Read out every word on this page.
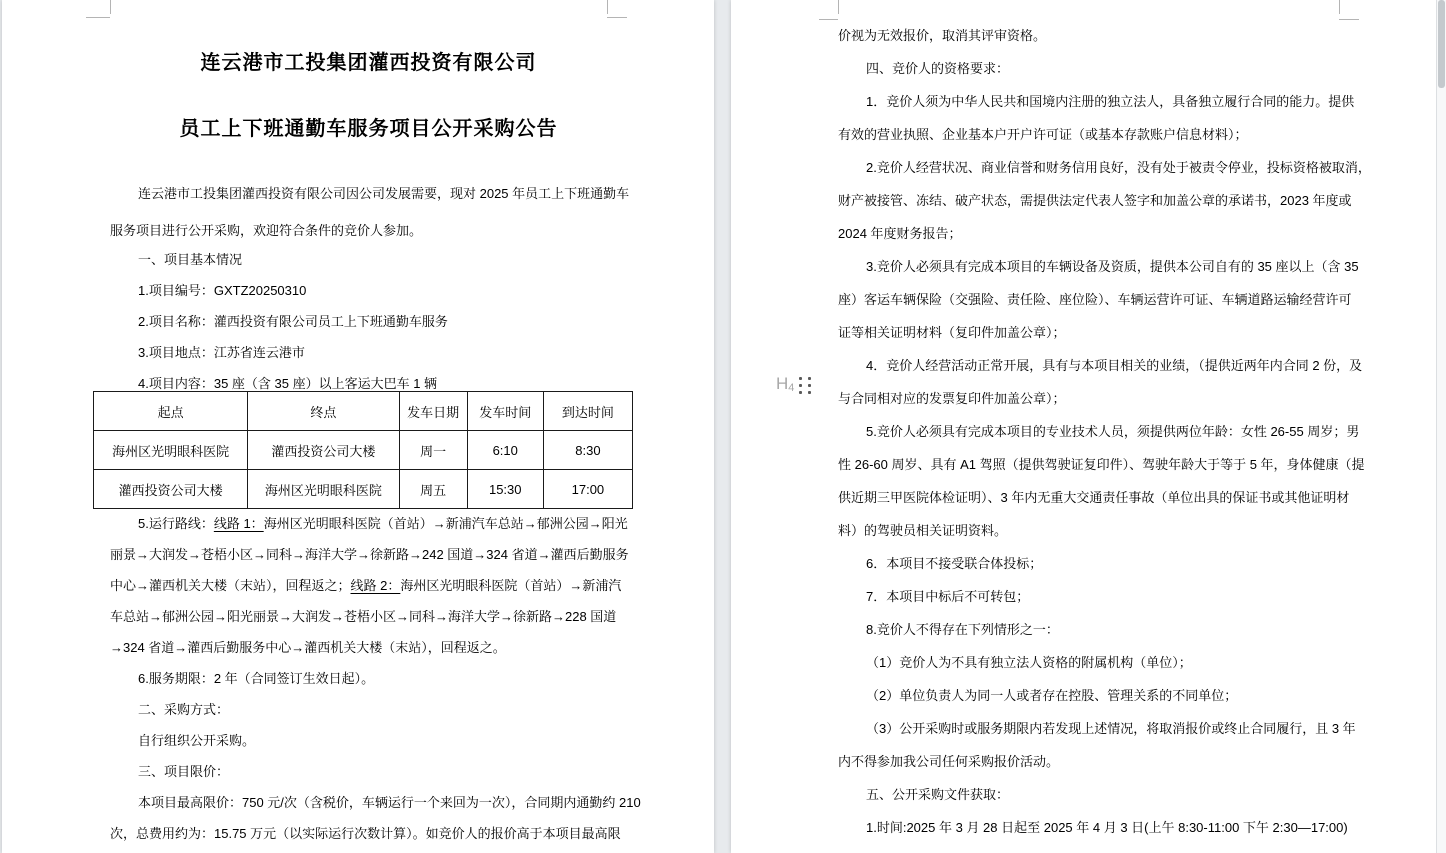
连云港市工投集团灌西投资有限公司
员工上下班通勤车服务项目公开采购公告
连云港市工投集团灌西投资有限公司因公司发展需要，现对 2025 年员工上下班通勤车
服务项目进行公开采购，欢迎符合条件的竞价人参加。
一、项目基本情况
1.项目编号：GXTZ20250310
2.项目名称：灌西投资有限公司员工上下班通勤车服务
3.项目地点：江苏省连云港市
4.项目内容：35 座（含 35 座）以上客运大巴车 1 辆
5.运行路线：线路 1：海州区光明眼科医院（首站）→新浦汽车总站→郁洲公园→阳光
丽景→大润发→苍梧小区→同科→海洋大学→徐新路→242 国道→324 省道→灌西后勤服务
中心→灌西机关大楼（末站），回程返之；线路 2：海州区光明眼科医院（首站）→新浦汽
车总站→郁洲公园→阳光丽景→大润发→苍梧小区→同科→海洋大学→徐新路→228 国道
→324 省道→灌西后勤服务中心→灌西机关大楼（末站），回程返之。
6.服务期限：2 年（合同签订生效日起）。
二、采购方式：
自行组织公开采购。
三、项目限价：
本项目最高限价：750 元/次（含税价，车辆运行一个来回为一次），合同期内通勤约 210
次，总费用约为：15.75 万元（以实际运行次数计算）。如竞价人的报价高于本项目最高限
起点	终点	发车日期	发车时间	到达时间
海州区光明眼科医院	灌西投资公司大楼	周一	6:10	8:30
灌西投资公司大楼	海州区光明眼科医院	周五	15:30	17:00
价视为无效报价，取消其评审资格。
四、竞价人的资格要求：
1．竞价人须为中华人民共和国境内注册的独立法人，具备独立履行合同的能力。提供
有效的营业执照、企业基本户开户许可证（或基本存款账户信息材料）；
2.竞价人经营状况、商业信誉和财务信用良好，没有处于被责令停业，投标资格被取消，
财产被接管、冻结、破产状态，需提供法定代表人签字和加盖公章的承诺书，2023 年度或
2024 年度财务报告；
3.竞价人必须具有完成本项目的车辆设备及资质，提供本公司自有的 35 座以上（含 35
座）客运车辆保险（交强险、责任险、座位险）、车辆运营许可证、车辆道路运输经营许可
证等相关证明材料（复印件加盖公章）；
4．竞价人经营活动正常开展，具有与本项目相关的业绩，（提供近两年内合同 2 份，及
与合同相对应的发票复印件加盖公章）；
5.竞价人必须具有完成本项目的专业技术人员，须提供两位年龄：女性 26-55 周岁；男
性 26-60 周岁、具有 A1 驾照（提供驾驶证复印件）、驾驶年龄大于等于 5 年，身体健康（提
供近期三甲医院体检证明）、3 年内无重大交通责任事故（单位出具的保证书或其他证明材
料）的驾驶员相关证明资料。
6．本项目不接受联合体投标；
7．本项目中标后不可转包；
8.竞价人不得存在下列情形之一：
（1）竞价人为不具有独立法人资格的附属机构（单位）；
（2）单位负责人为同一人或者存在控股、管理关系的不同单位；
（3）公开采购时或服务期限内若发现上述情况，将取消报价或终止合同履行，且 3 年
内不得参加我公司任何采购报价活动。
五、公开采购文件获取：
1.时间:2025 年 3 月 28 日起至 2025 年 4 月 3 日(上午 8:30-11:00 下午 2:30—17:00)
$H_4$
